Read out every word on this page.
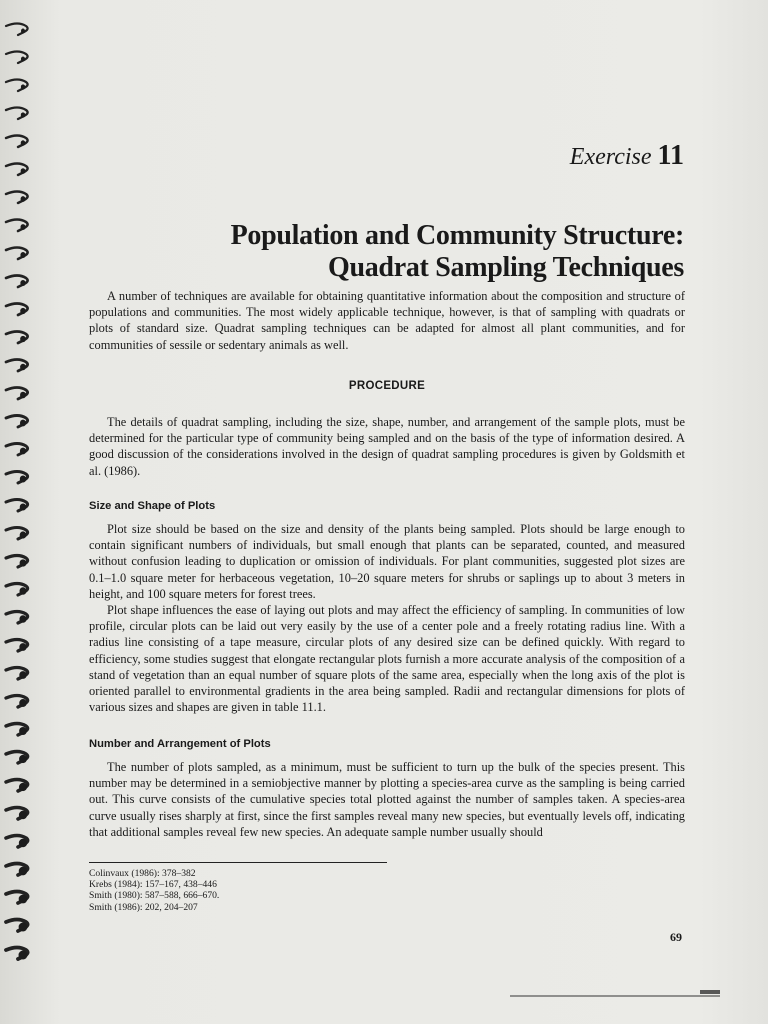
Exercise 11
Population and Community Structure:
Quadrat Sampling Techniques

A number of techniques are available for obtaining quantitative information about the composition and structure of populations and communities. The most widely applicable technique, however, is that of sampling with quadrats or plots of standard size. Quadrat sampling techniques can be adapted for almost all plant communities, and for communities of sessile or sedentary animals as well.

PROCEDURE

The details of quadrat sampling, including the size, shape, number, and arrangement of the sample plots, must be determined for the particular type of community being sampled and on the basis of the type of information desired. A good discussion of the considerations involved in the design of quadrat sampling procedures is given by Goldsmith et al. (1986).

Size and Shape of Plots

Plot size should be based on the size and density of the plants being sampled. Plots should be large enough to contain significant numbers of individuals, but small enough that plants can be separated, counted, and measured without confusion leading to duplication or omission of individuals. For plant communities, suggested plot sizes are 0.1–1.0 square meter for herbaceous vegetation, 10–20 square meters for shrubs or saplings up to about 3 meters in height, and 100 square meters for forest trees.

Plot shape influences the ease of laying out plots and may affect the efficiency of sampling. In communities of low profile, circular plots can be laid out very easily by the use of a center pole and a freely rotating radius line. With a radius line consisting of a tape measure, circular plots of any desired size can be defined quickly. With regard to efficiency, some studies suggest that elongate rectangular plots furnish a more accurate analysis of the composition of a stand of vegetation than an equal number of square plots of the same area, especially when the long axis of the plot is oriented parallel to environmental gradients in the area being sampled. Radii and rectangular dimensions for plots of various sizes and shapes are given in table 11.1.

Number and Arrangement of Plots

The number of plots sampled, as a minimum, must be sufficient to turn up the bulk of the species present. This number may be determined in a semiobjective manner by plotting a species-area curve as the sampling is being carried out. This curve consists of the cumulative species total plotted against the number of samples taken. A species-area curve usually rises sharply at first, since the first samples reveal many new species, but eventually levels off, indicating that additional samples reveal few new species. An adequate sample number usually should

Colinvaux (1986): 378–382
Krebs (1984): 157–167, 438–446
Smith (1980): 587–588, 666–670.
Smith (1986): 202, 204–207
69
